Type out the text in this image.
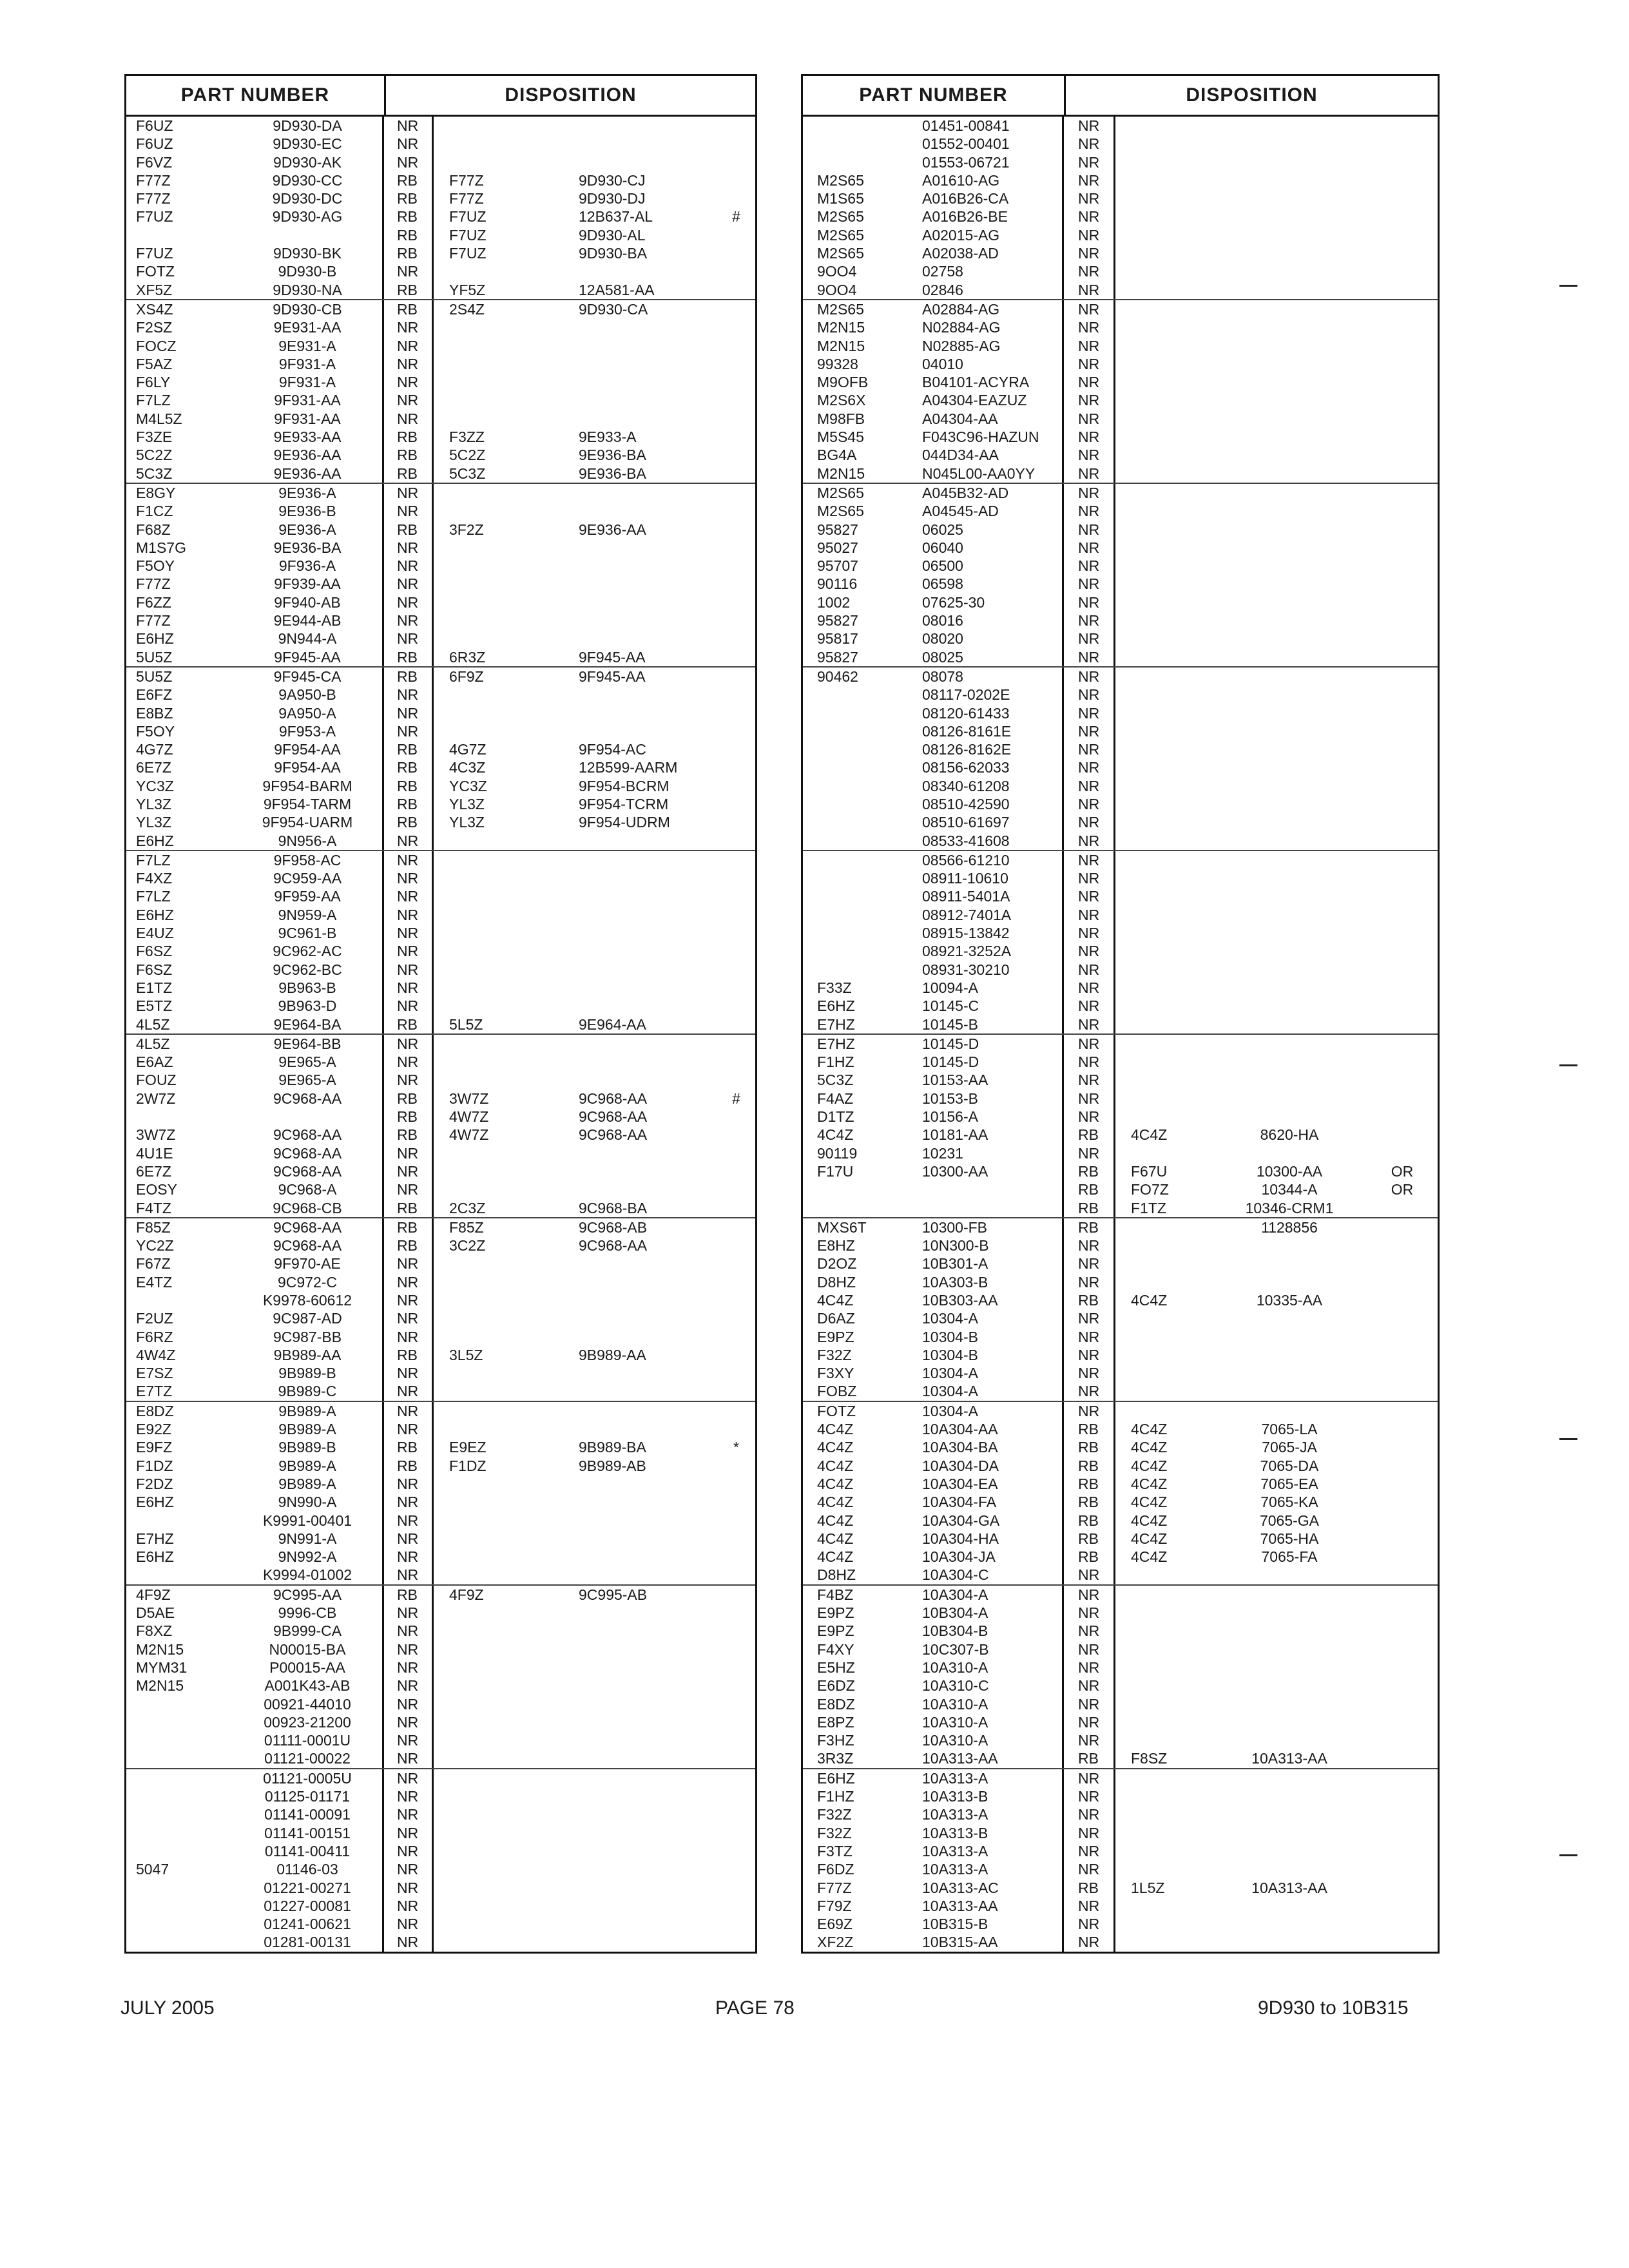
PART NUMBER	DISPOSITION
F6UZ	9D930-DA	NR
F6UZ	9D930-EC	NR
F6VZ	9D930-AK	NR
F77Z	9D930-CC	RB	F77Z	9D930-CJ
F77Z	9D930-DC	RB	F77Z	9D930-DJ
F7UZ	9D930-AG	RB	F7UZ	12B637-AL	#
RB	F7UZ	9D930-AL
F7UZ	9D930-BK	RB	F7UZ	9D930-BA
FOTZ	9D930-B	NR
XF5Z	9D930-NA	RB	YF5Z	12A581-AA
XS4Z	9D930-CB	RB	2S4Z	9D930-CA
F2SZ	9E931-AA	NR
FOCZ	9E931-A	NR
F5AZ	9F931-A	NR
F6LY	9F931-A	NR
F7LZ	9F931-AA	NR
M4L5Z	9F931-AA	NR
F3ZE	9E933-AA	RB	F3ZZ	9E933-A
5C2Z	9E936-AA	RB	5C2Z	9E936-BA
5C3Z	9E936-AA	RB	5C3Z	9E936-BA
E8GY	9E936-A	NR
F1CZ	9E936-B	NR
F68Z	9E936-A	RB	3F2Z	9E936-AA
M1S7G	9E936-BA	NR
F5OY	9F936-A	NR
F77Z	9F939-AA	NR
F6ZZ	9F940-AB	NR
F77Z	9E944-AB	NR
E6HZ	9N944-A	NR
5U5Z	9F945-AA	RB	6R3Z	9F945-AA
5U5Z	9F945-CA	RB	6F9Z	9F945-AA
E6FZ	9A950-B	NR
E8BZ	9A950-A	NR
F5OY	9F953-A	NR
4G7Z	9F954-AA	RB	4G7Z	9F954-AC
6E7Z	9F954-AA	RB	4C3Z	12B599-AARM
YC3Z	9F954-BARM	RB	YC3Z	9F954-BCRM
YL3Z	9F954-TARM	RB	YL3Z	9F954-TCRM
YL3Z	9F954-UARM	RB	YL3Z	9F954-UDRM
E6HZ	9N956-A	NR
F7LZ	9F958-AC	NR
F4XZ	9C959-AA	NR
F7LZ	9F959-AA	NR
E6HZ	9N959-A	NR
E4UZ	9C961-B	NR
F6SZ	9C962-AC	NR
F6SZ	9C962-BC	NR
E1TZ	9B963-B	NR
E5TZ	9B963-D	NR
4L5Z	9E964-BA	RB	5L5Z	9E964-AA
4L5Z	9E964-BB	NR
E6AZ	9E965-A	NR
FOUZ	9E965-A	NR
2W7Z	9C968-AA	RB	3W7Z	9C968-AA	#
RB	4W7Z	9C968-AA
3W7Z	9C968-AA	RB	4W7Z	9C968-AA
4U1E	9C968-AA	NR
6E7Z	9C968-AA	NR
EOSY	9C968-A	NR
F4TZ	9C968-CB	RB	2C3Z	9C968-BA
F85Z	9C968-AA	RB	F85Z	9C968-AB
YC2Z	9C968-AA	RB	3C2Z	9C968-AA
F67Z	9F970-AE	NR
E4TZ	9C972-C	NR
K9978-60612	NR
F2UZ	9C987-AD	NR
F6RZ	9C987-BB	NR
4W4Z	9B989-AA	RB	3L5Z	9B989-AA
E7SZ	9B989-B	NR
E7TZ	9B989-C	NR
E8DZ	9B989-A	NR
E92Z	9B989-A	NR
E9FZ	9B989-B	RB	E9EZ	9B989-BA	*
F1DZ	9B989-A	RB	F1DZ	9B989-AB
F2DZ	9B989-A	NR
E6HZ	9N990-A	NR
K9991-00401	NR
E7HZ	9N991-A	NR
E6HZ	9N992-A	NR
K9994-01002	NR
4F9Z	9C995-AA	RB	4F9Z	9C995-AB
D5AE	9996-CB	NR
F8XZ	9B999-CA	NR
M2N15	N00015-BA	NR
MYM31	P00015-AA	NR
M2N15	A001K43-AB	NR
00921-44010	NR
00923-21200	NR
01111-0001U	NR
01121-00022	NR
01121-0005U	NR
01125-01171	NR
01141-00091	NR
01141-00151	NR
01141-00411	NR
5047	01146-03	NR
01221-00271	NR
01227-00081	NR
01241-00621	NR
01281-00131	NR
PART NUMBER	DISPOSITION
01451-00841	NR
01552-00401	NR
01553-06721	NR
M2S65	A01610-AG	NR
M1S65	A016B26-CA	NR
M2S65	A016B26-BE	NR
M2S65	A02015-AG	NR
M2S65	A02038-AD	NR
9OO4	02758	NR
9OO4	02846	NR
M2S65	A02884-AG	NR
M2N15	N02884-AG	NR
M2N15	N02885-AG	NR
99328	04010	NR
M9OFB	B04101-ACYRA	NR
M2S6X	A04304-EAZUZ	NR
M98FB	A04304-AA	NR
M5S45	F043C96-HAZUN	NR
BG4A	044D34-AA	NR
M2N15	N045L00-AA0YY	NR
M2S65	A045B32-AD	NR
M2S65	A04545-AD	NR
95827	06025	NR
95027	06040	NR
95707	06500	NR
90116	06598	NR
1002	07625-30	NR
95827	08016	NR
95817	08020	NR
95827	08025	NR
90462	08078	NR
08117-0202E	NR
08120-61433	NR
08126-8161E	NR
08126-8162E	NR
08156-62033	NR
08340-61208	NR
08510-42590	NR
08510-61697	NR
08533-41608	NR
08566-61210	NR
08911-10610	NR
08911-5401A	NR
08912-7401A	NR
08915-13842	NR
08921-3252A	NR
08931-30210	NR
F33Z	10094-A	NR
E6HZ	10145-C	NR
E7HZ	10145-B	NR
E7HZ	10145-D	NR
F1HZ	10145-D	NR
5C3Z	10153-AA	NR
F4AZ	10153-B	NR
D1TZ	10156-A	NR
4C4Z	10181-AA	RB	4C4Z	8620-HA
90119	10231	NR
F17U	10300-AA	RB	F67U	10300-AA	OR
RB	FO7Z	10344-A	OR
RB	F1TZ	10346-CRM1
MXS6T	10300-FB	RB	1128856
E8HZ	10N300-B	NR
D2OZ	10B301-A	NR
D8HZ	10A303-B	NR
4C4Z	10B303-AA	RB	4C4Z	10335-AA
D6AZ	10304-A	NR
E9PZ	10304-B	NR
F32Z	10304-B	NR
F3XY	10304-A	NR
FOBZ	10304-A	NR
FOTZ	10304-A	NR
4C4Z	10A304-AA	RB	4C4Z	7065-LA
4C4Z	10A304-BA	RB	4C4Z	7065-JA
4C4Z	10A304-DA	RB	4C4Z	7065-DA
4C4Z	10A304-EA	RB	4C4Z	7065-EA
4C4Z	10A304-FA	RB	4C4Z	7065-KA
4C4Z	10A304-GA	RB	4C4Z	7065-GA
4C4Z	10A304-HA	RB	4C4Z	7065-HA
4C4Z	10A304-JA	RB	4C4Z	7065-FA
D8HZ	10A304-C	NR
F4BZ	10A304-A	NR
E9PZ	10B304-A	NR
E9PZ	10B304-B	NR
F4XY	10C307-B	NR
E5HZ	10A310-A	NR
E6DZ	10A310-C	NR
E8DZ	10A310-A	NR
E8PZ	10A310-A	NR
F3HZ	10A310-A	NR
3R3Z	10A313-AA	RB	F8SZ	10A313-AA
E6HZ	10A313-A	NR
F1HZ	10A313-B	NR
F32Z	10A313-A	NR
F32Z	10A313-B	NR
F3TZ	10A313-A	NR
F6DZ	10A313-A	NR
F77Z	10A313-AC	RB	1L5Z	10A313-AA
F79Z	10A313-AA	NR
E69Z	10B315-B	NR
XF2Z	10B315-AA	NR
JULY 2005	PAGE 78	9D930 to 10B315
